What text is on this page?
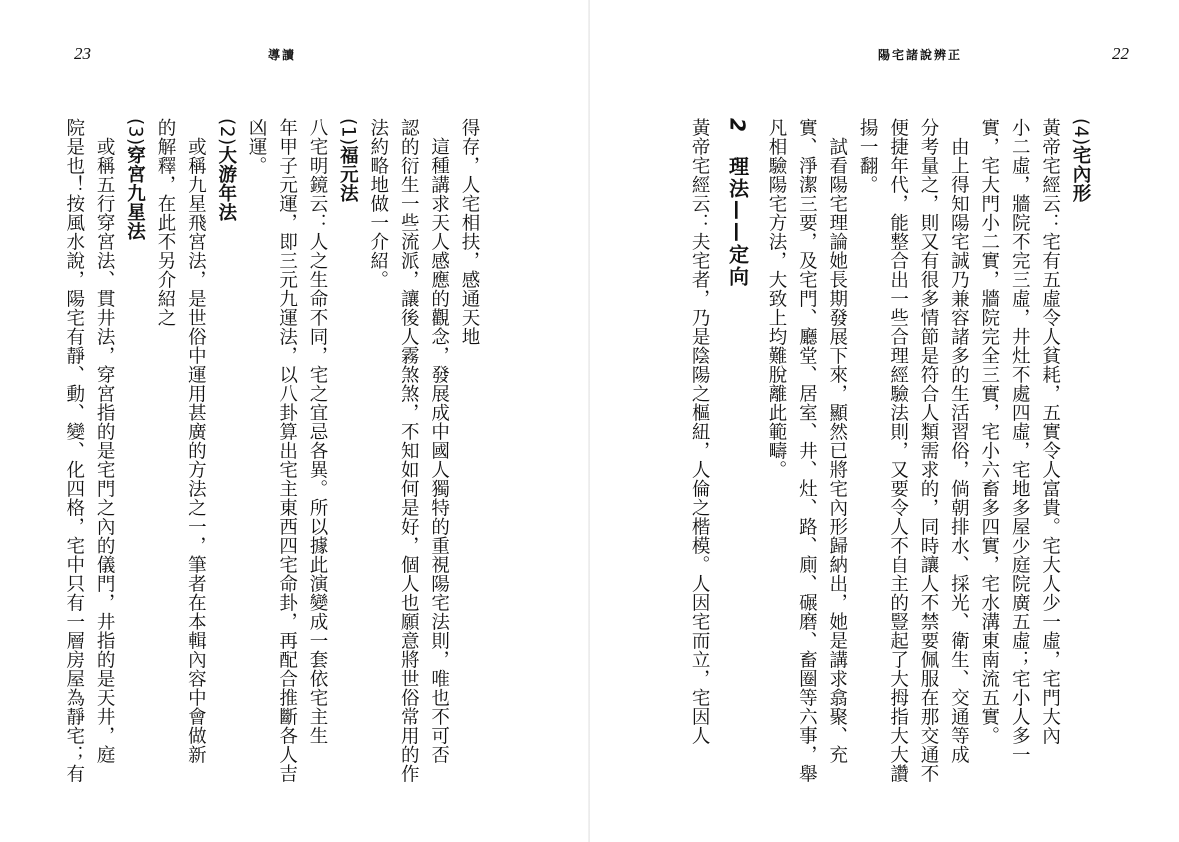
23	導讀
得存，人宅相扶，感通天地
　這種講求天人感應的觀念，發展成中國人獨特的重視陽宅法則，唯也不可否
認的衍生一些流派，讓後人霧煞煞，不知如何是好，個人也願意將世俗常用的作
法約略地做一介紹。
(1)福元法
八宅明鏡云：人之生命不同，宅之宜忌各異。所以據此演變成一套依宅主生
年甲子元運，即三元九運法，以八卦算出宅主東西四宅命卦，再配合推斷各人吉
凶運。
(2)大游年法
　或稱九星飛宮法，是世俗中運用甚廣的方法之一，筆者在本輯內容中會做新
的解釋，在此不另介紹之
(3)穿宮九星法
　或稱五行穿宮法、貫井法，穿宮指的是宅門之內的儀門，井指的是天井，庭
院是也！按風水說，陽宅有靜、動、變、化四格，宅中只有一層房屋為靜宅；有
陽宅諸說辨正	22
(4)宅內形
黃帝宅經云：宅有五虛令人貧耗，五實令人富貴。宅大人少一虛，宅門大內
小二虛，牆院不完三虛，井灶不處四虛，宅地多屋少庭院廣五虛；宅小人多一
實，宅大門小二實，牆院完全三實，宅小六畜多四實，宅水溝東南流五實。
　由上得知陽宅誠乃兼容諸多的生活習俗，倘朝排水、採光、衛生、交通等成
分考量之，則又有很多情節是符合人類需求的，同時讓人不禁要佩服在那交通不
便捷年代，能整合出一些合理經驗法則，又要令人不自主的豎起了大拇指大大讚
揚一翻。
　試看陽宅理論她長期發展下來，顯然已將宅內形歸納出，她是講求翕聚、充
實、淨潔三要，及宅門、廳堂、居室、井、灶、路、廁、碾磨、畜圈等六事，舉
凡相驗陽宅方法，大致上均難脫離此範疇。
2　理法——定向
黃帝宅經云：夫宅者，乃是陰陽之樞紐，人倫之楷模。人因宅而立，宅因人
